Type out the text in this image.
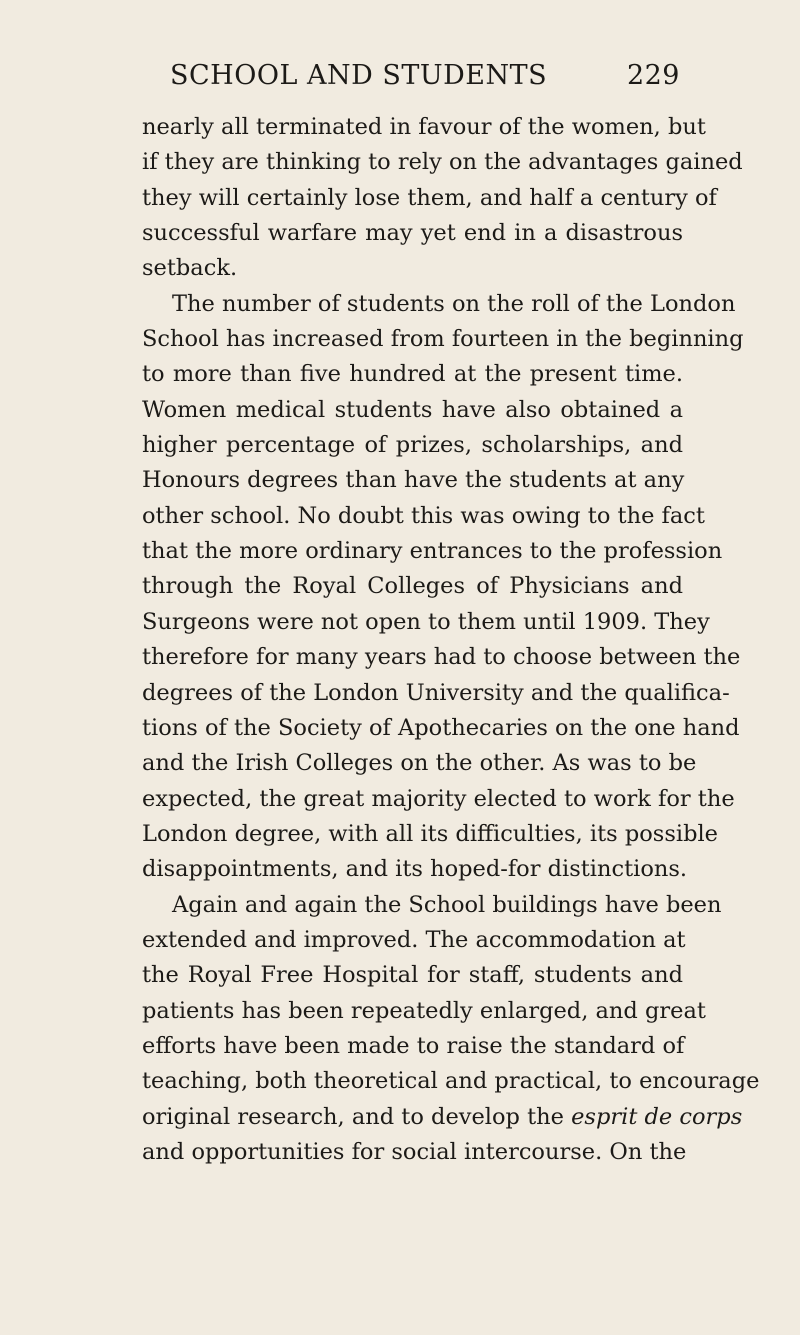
SCHOOL AND STUDENTS	229
nearly all terminated in favour of the women, but
if they are thinking to rely on the advantages gained
they will certainly lose them, and half a century of
successful warfare may yet end in a disastrous
setback.
The number of students on the roll of the London
School has increased from fourteen in the beginning
to more than five hundred at the present time.
Women medical students have also obtained a
higher percentage of prizes, scholarships, and
Honours degrees than have the students at any
other school. No doubt this was owing to the fact
that the more ordinary entrances to the profession
through the Royal Colleges of Physicians and
Surgeons were not open to them until 1909. They
therefore for many years had to choose between the
degrees of the London University and the qualifica-
tions of the Society of Apothecaries on the one hand
and the Irish Colleges on the other. As was to be
expected, the great majority elected to work for the
London degree, with all its difficulties, its possible
disappointments, and its hoped-for distinctions.
Again and again the School buildings have been
extended and improved. The accommodation at
the Royal Free Hospital for staff, students and
patients has been repeatedly enlarged, and great
efforts have been made to raise the standard of
teaching, both theoretical and practical, to encourage
original research, and to develop the esprit de corps
and opportunities for social intercourse. On the
